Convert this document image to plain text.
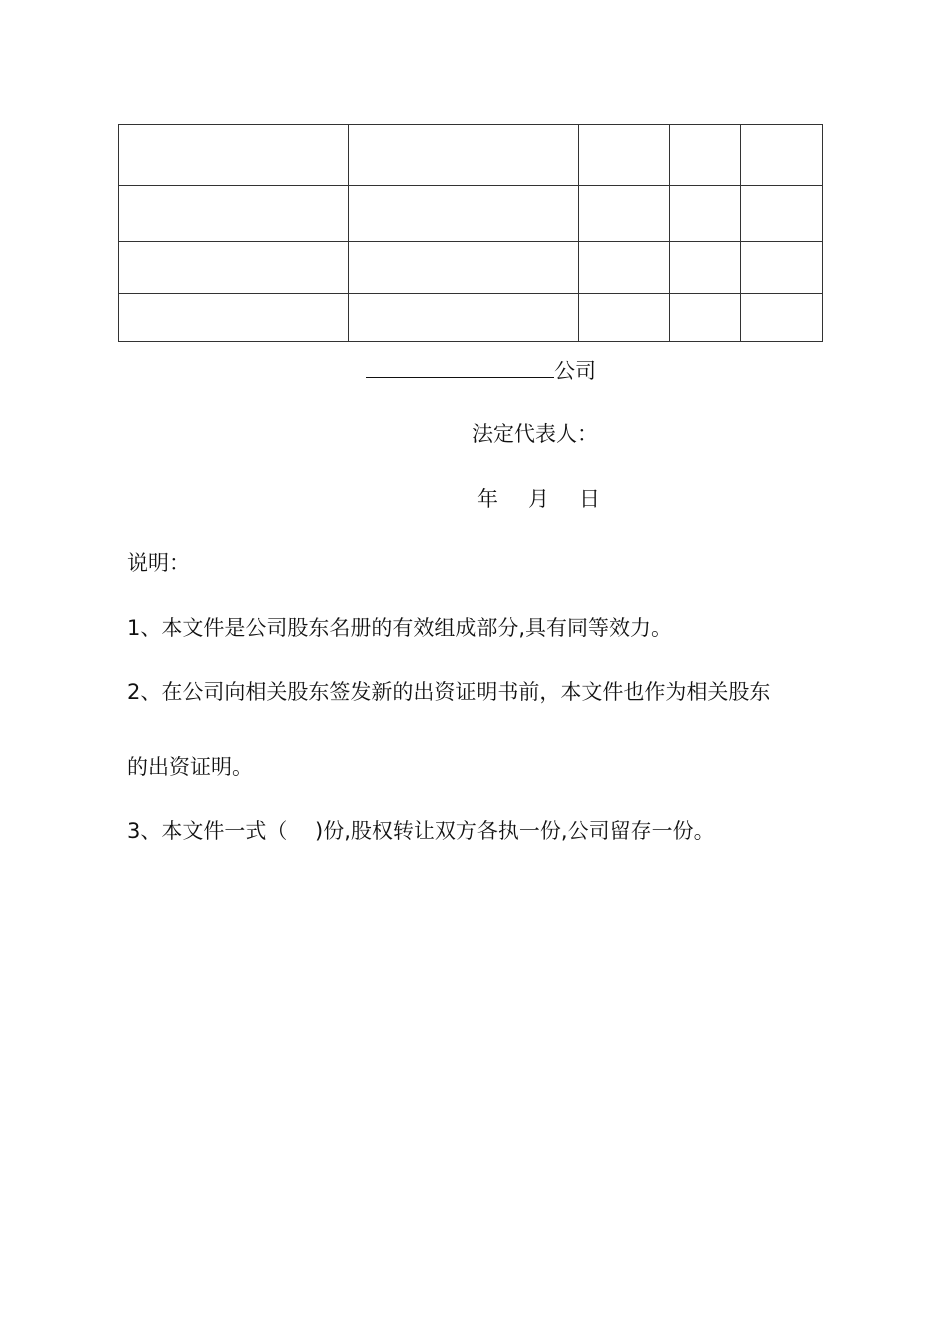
公司
法定代表人：
年 月 日
说明：
1、本文件是公司股东名册的有效组成部分,具有同等效力。
2、在公司向相关股东签发新的出资证明书前，本文件也作为相关股东
的出资证明。
3、本文件一式（　 )份,股权转让双方各执一份,公司留存一份。
